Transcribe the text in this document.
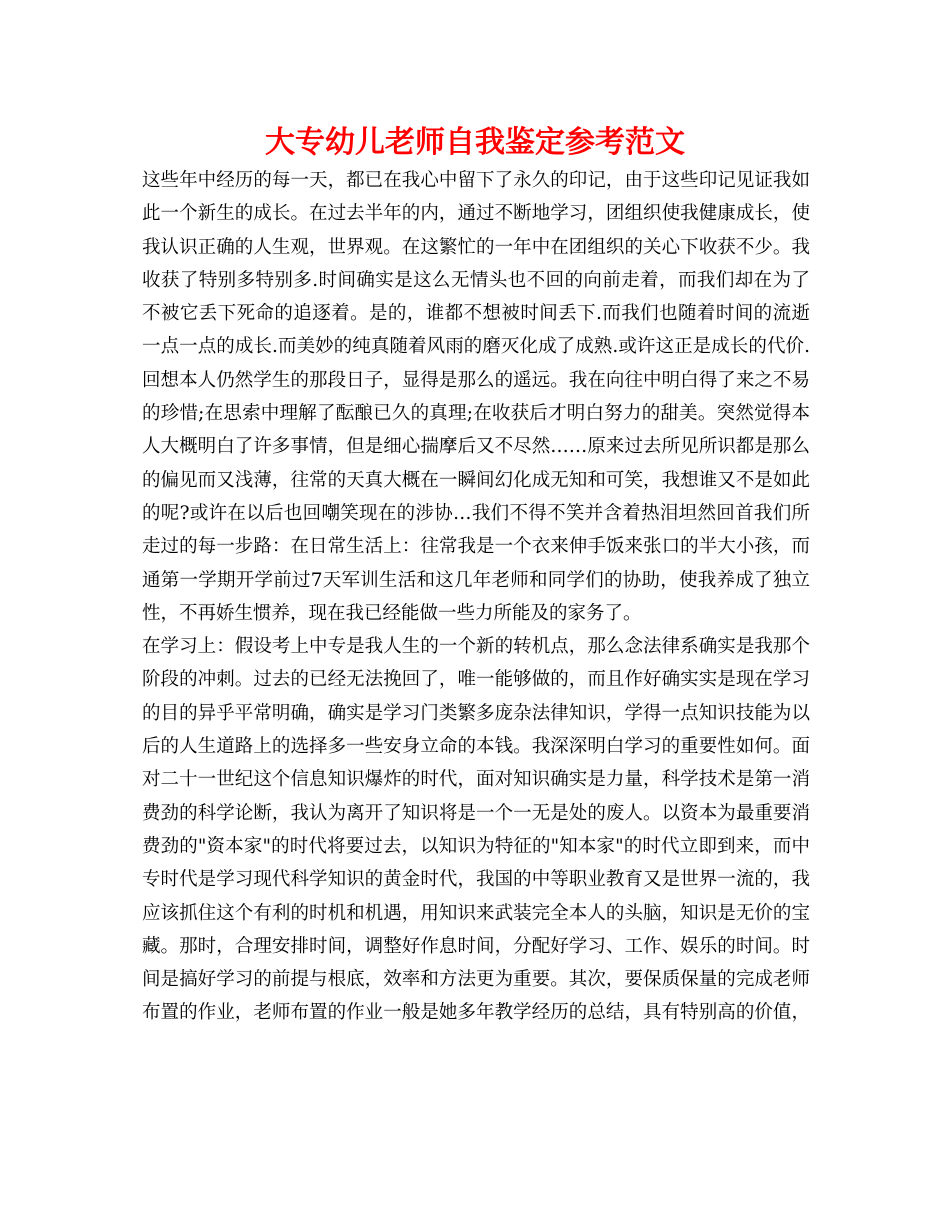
大专幼儿老师自我鉴定参考范文
这些年中经历的每一天，都已在我心中留下了永久的印记，由于这些印记见证我如
此一个新生的成长。在过去半年的内，通过不断地学习，团组织使我健康成长，使
我认识正确的人生观，世界观。在这繁忙的一年中在团组织的关心下收获不少。我
收获了特别多特别多.时间确实是这么无情头也不回的向前走着，而我们却在为了
不被它丢下死命的追逐着。是的，谁都不想被时间丢下.而我们也随着时间的流逝
一点一点的成长.而美妙的纯真随着风雨的磨灭化成了成熟.或许这正是成长的代价.
回想本人仍然学生的那段日子，显得是那么的遥远。我在向往中明白得了来之不易
的珍惜;在思索中理解了酝酿已久的真理;在收获后才明白努力的甜美。突然觉得本
人大概明白了许多事情，但是细心揣摩后又不尽然……原来过去所见所识都是那么
的偏见而又浅薄，往常的天真大概在一瞬间幻化成无知和可笑，我想谁又不是如此
的呢?或许在以后也回嘲笑现在的涉协…我们不得不笑并含着热泪坦然回首我们所
走过的每一步路：在日常生活上：往常我是一个衣来伸手饭来张口的半大小孩，而
通第一学期开学前过7天军训生活和这几年老师和同学们的协助，使我养成了独立
性，不再娇生惯养，现在我已经能做一些力所能及的家务了。
在学习上：假设考上中专是我人生的一个新的转机点，那么念法律系确实是我那个
阶段的冲刺。过去的已经无法挽回了，唯一能够做的，而且作好确实实是现在学习
的目的异乎平常明确，确实是学习门类繁多庞杂法律知识，学得一点知识技能为以
后的人生道路上的选择多一些安身立命的本钱。我深深明白学习的重要性如何。面
对二十一世纪这个信息知识爆炸的时代，面对知识确实是力量，科学技术是第一消
费劲的科学论断，我认为离开了知识将是一个一无是处的废人。以资本为最重要消
费劲的"资本家"的时代将要过去，以知识为特征的"知本家"的时代立即到来，而中
专时代是学习现代科学知识的黄金时代，我国的中等职业教育又是世界一流的，我
应该抓住这个有利的时机和机遇，用知识来武装完全本人的头脑，知识是无价的宝
藏。那时，合理安排时间，调整好作息时间，分配好学习、工作、娱乐的时间。时
间是搞好学习的前提与根底，效率和方法更为重要。其次，要保质保量的完成老师
布置的作业，老师布置的作业一般是她多年教学经历的总结，具有特别高的价值，
